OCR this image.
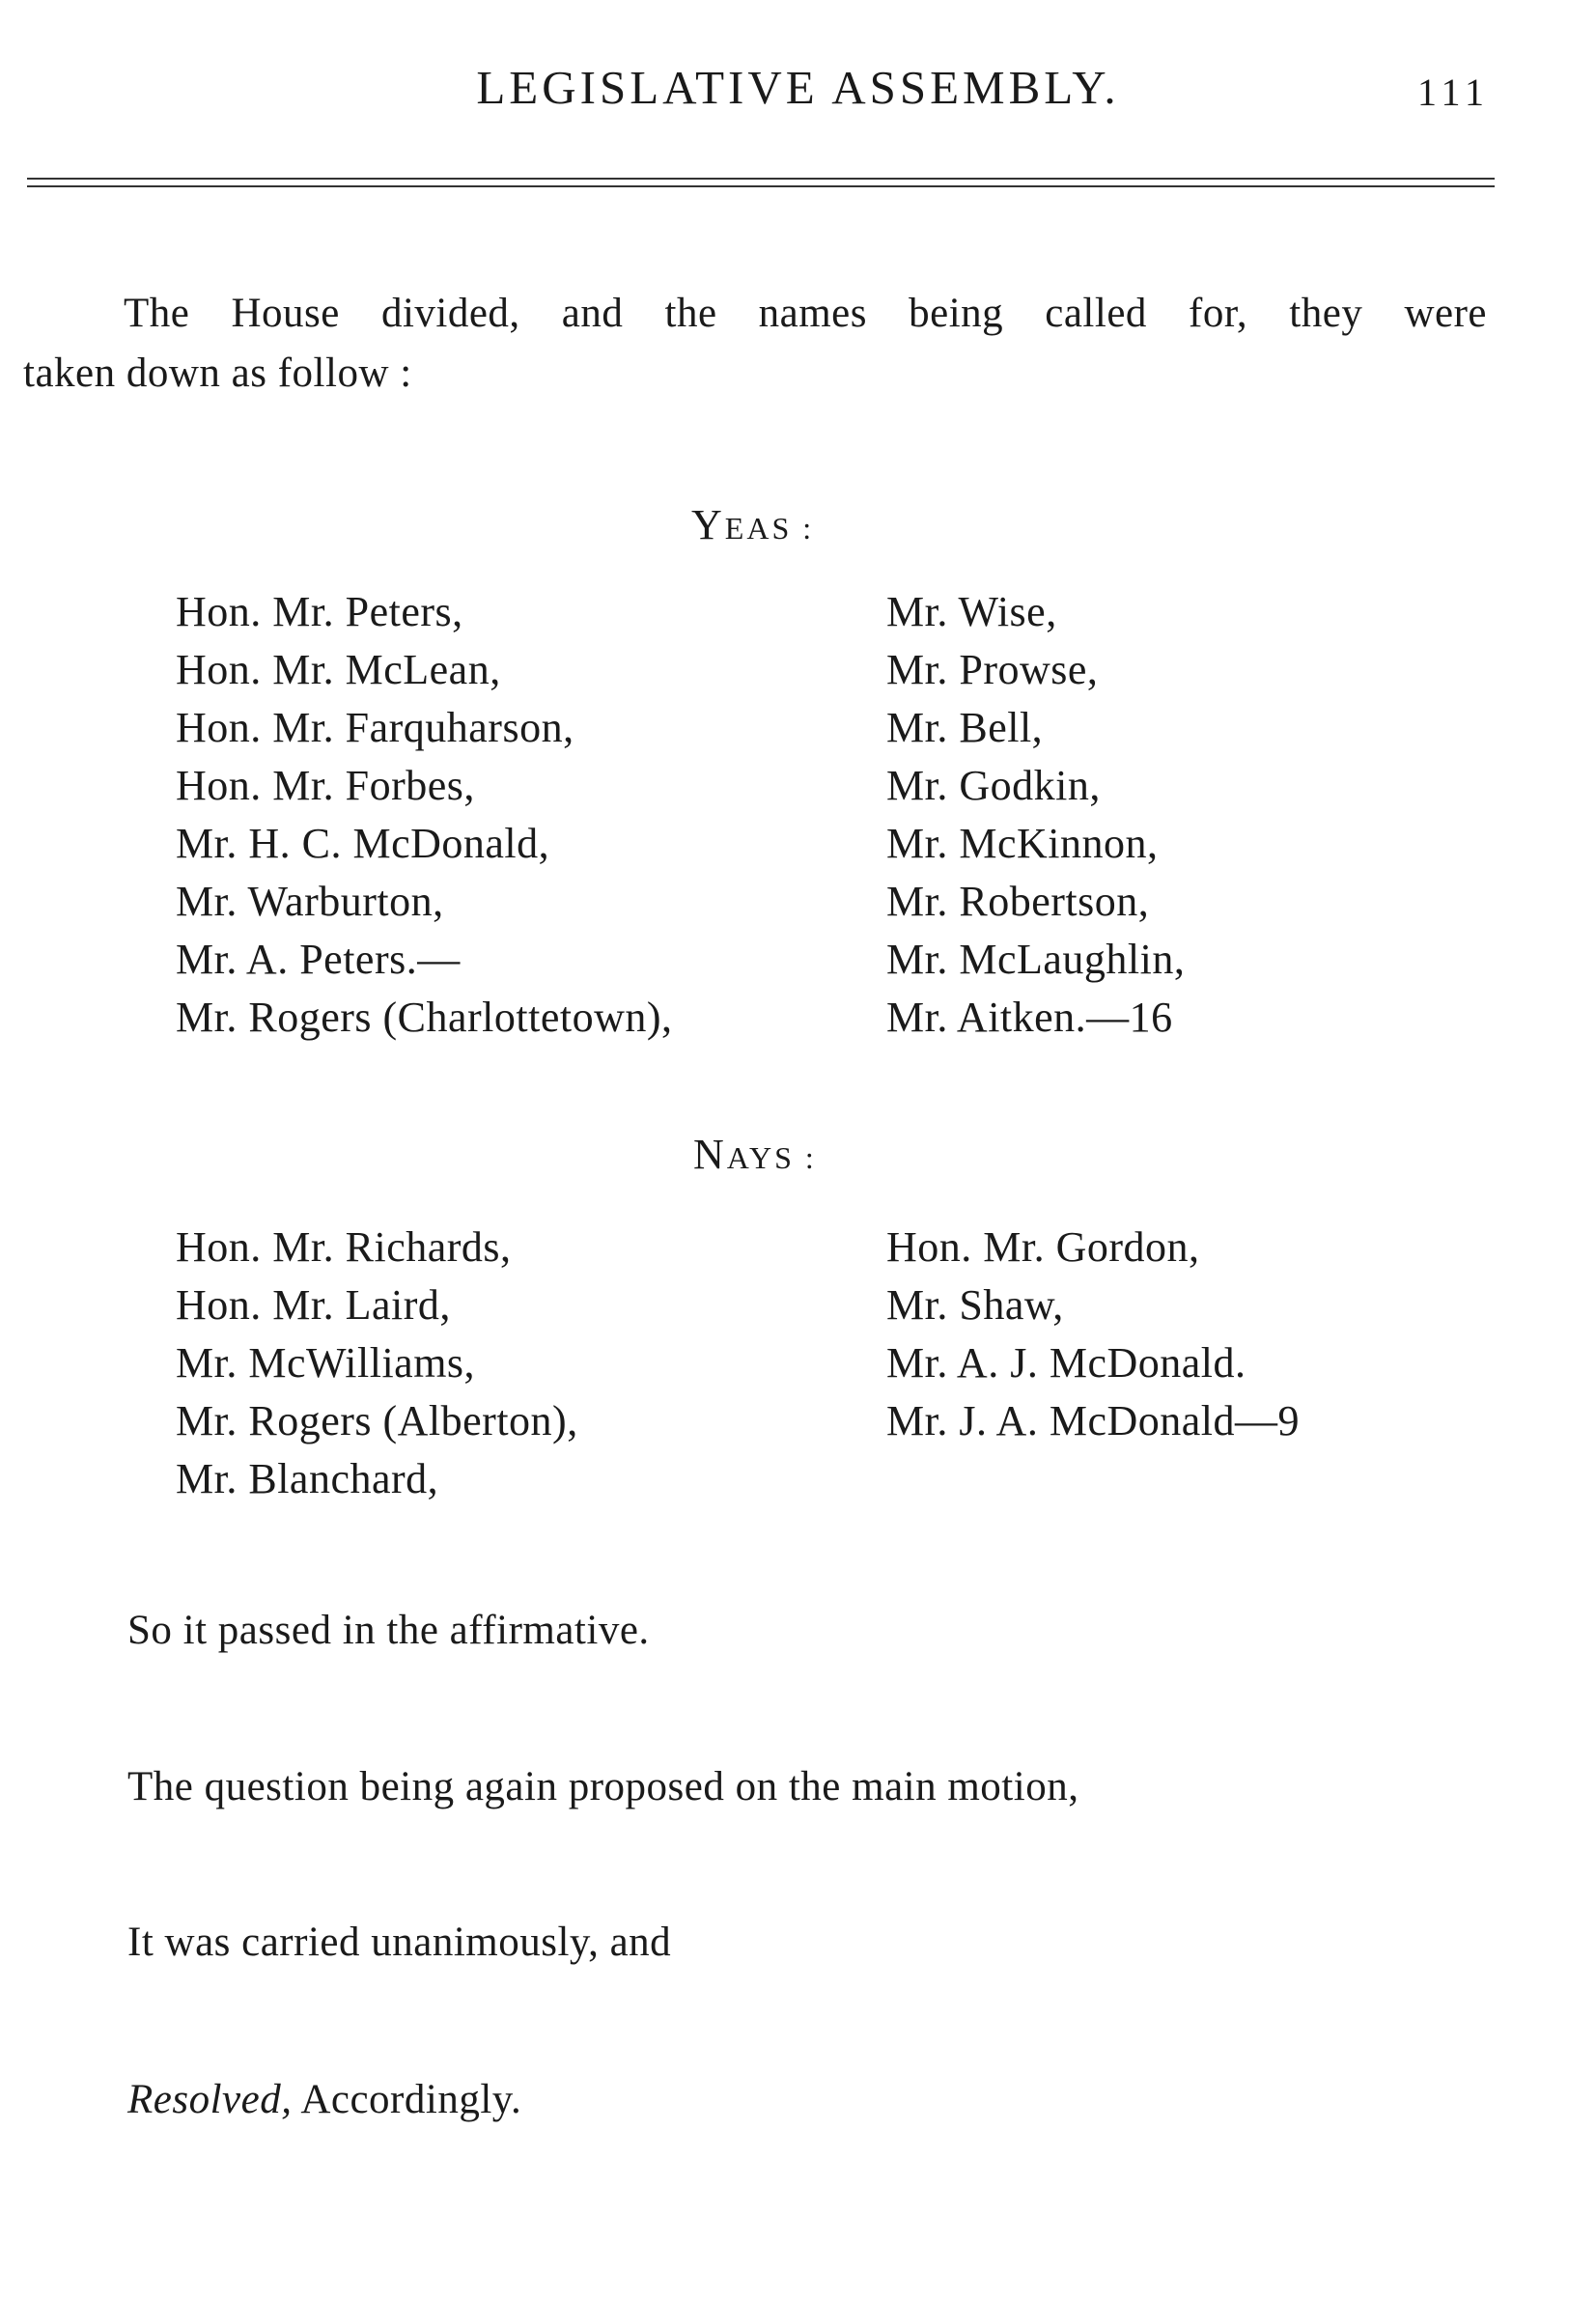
LEGISLATIVE ASSEMBLY.	111
The House divided, and the names being called for, they were
taken down as follow :
YEAS :
Hon. Mr. Peters,
Hon. Mr. McLean,
Hon. Mr. Farquharson,
Hon. Mr. Forbes,
Mr. H. C. McDonald,
Mr. Warburton,
Mr. A. Peters.—
Mr. Rogers (Charlottetown),
Mr. Wise,
Mr. Prowse,
Mr. Bell,
Mr. Godkin,
Mr. McKinnon,
Mr. Robertson,
Mr. McLaughlin,
Mr. Aitken.—16
NAYS :
Hon. Mr. Richards,
Hon. Mr. Laird,
Mr. McWilliams,
Mr. Rogers (Alberton),
Mr. Blanchard,
Hon. Mr. Gordon,
Mr. Shaw,
Mr. A. J. McDonald.
Mr. J. A. McDonald—9
So it passed in the affirmative.
The question being again proposed on the main motion,
It was carried unanimously, and
Resolved, Accordingly.
